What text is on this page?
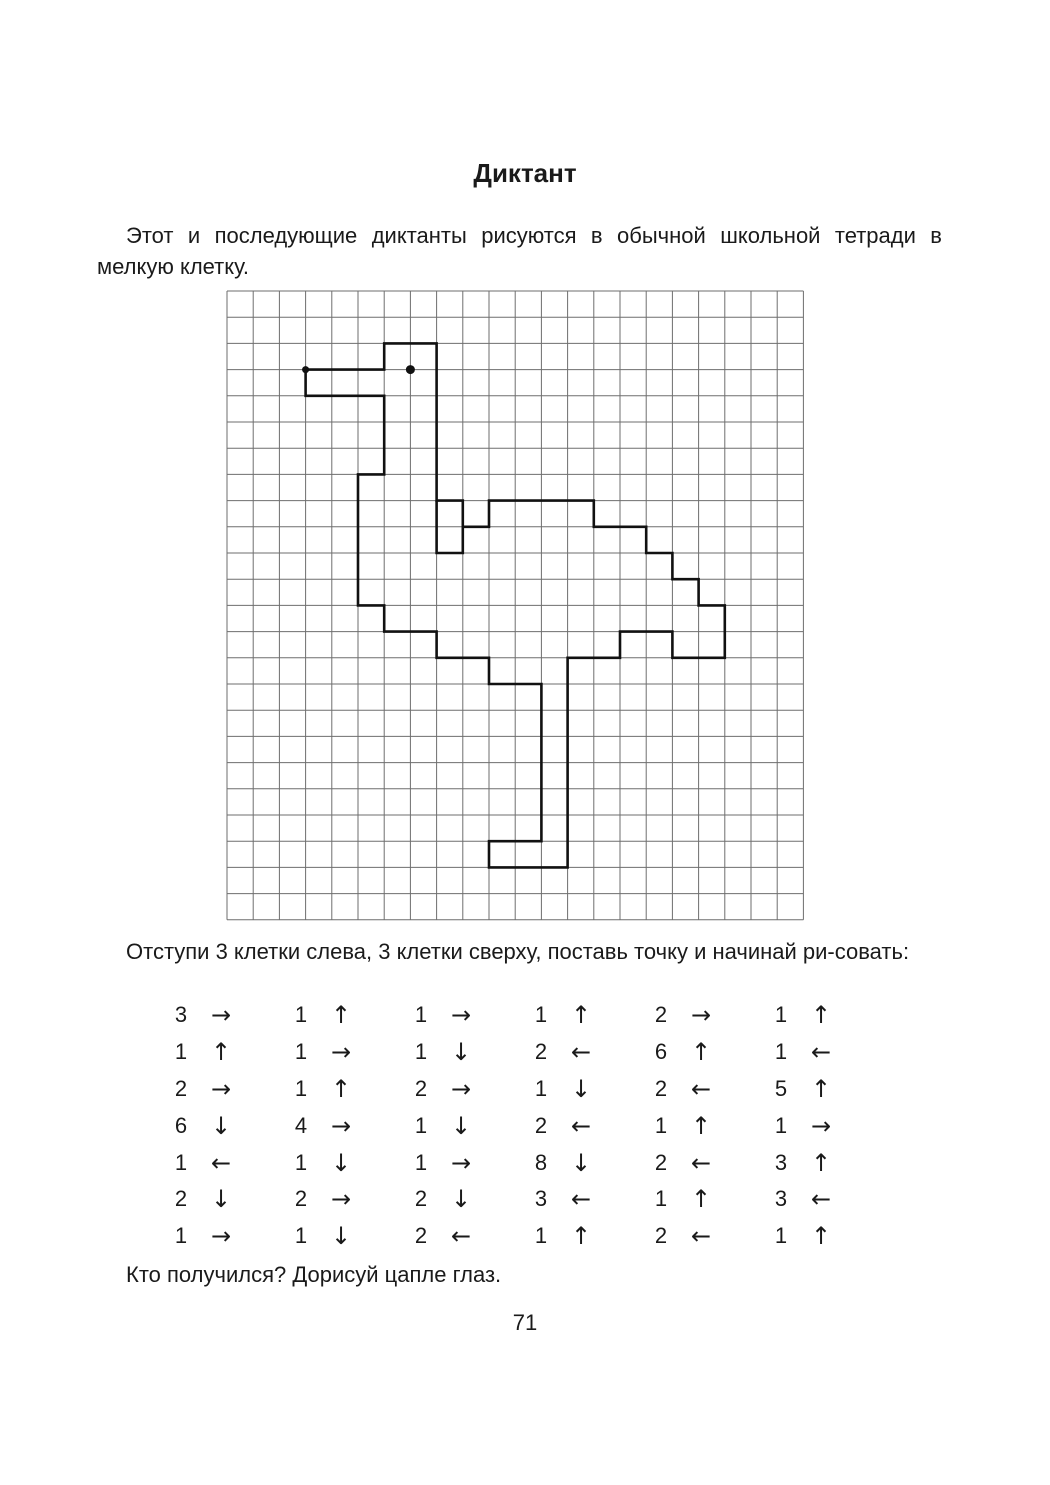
Диктант
Этот и последующие диктанты рисуются в обычной школьной тетради в мелкую клетку.
Отступи 3 клетки слева, 3 клетки сверху, поставь точку и начинай ри-совать:
3 →	1 ↑	1 →	1 ↑	2 →	1 ↑
1 ↑	1 →	1 ↓	2 ←	6 ↑	1 ←
2 →	1 ↑	2 →	1 ↓	2 ←	5 ↑
6 ↓	4 →	1 ↓	2 ←	1 ↑	1 →
1 ←	1 ↓	1 →	8 ↓	2 ←	3 ↑
2 ↓	2 →	2 ↓	3 ←	1 ↑	3 ←
1 →	1 ↓	2 ←	1 ↑	2 ←	1 ↑
Кто получился? Дорисуй цапле глаз.
71
